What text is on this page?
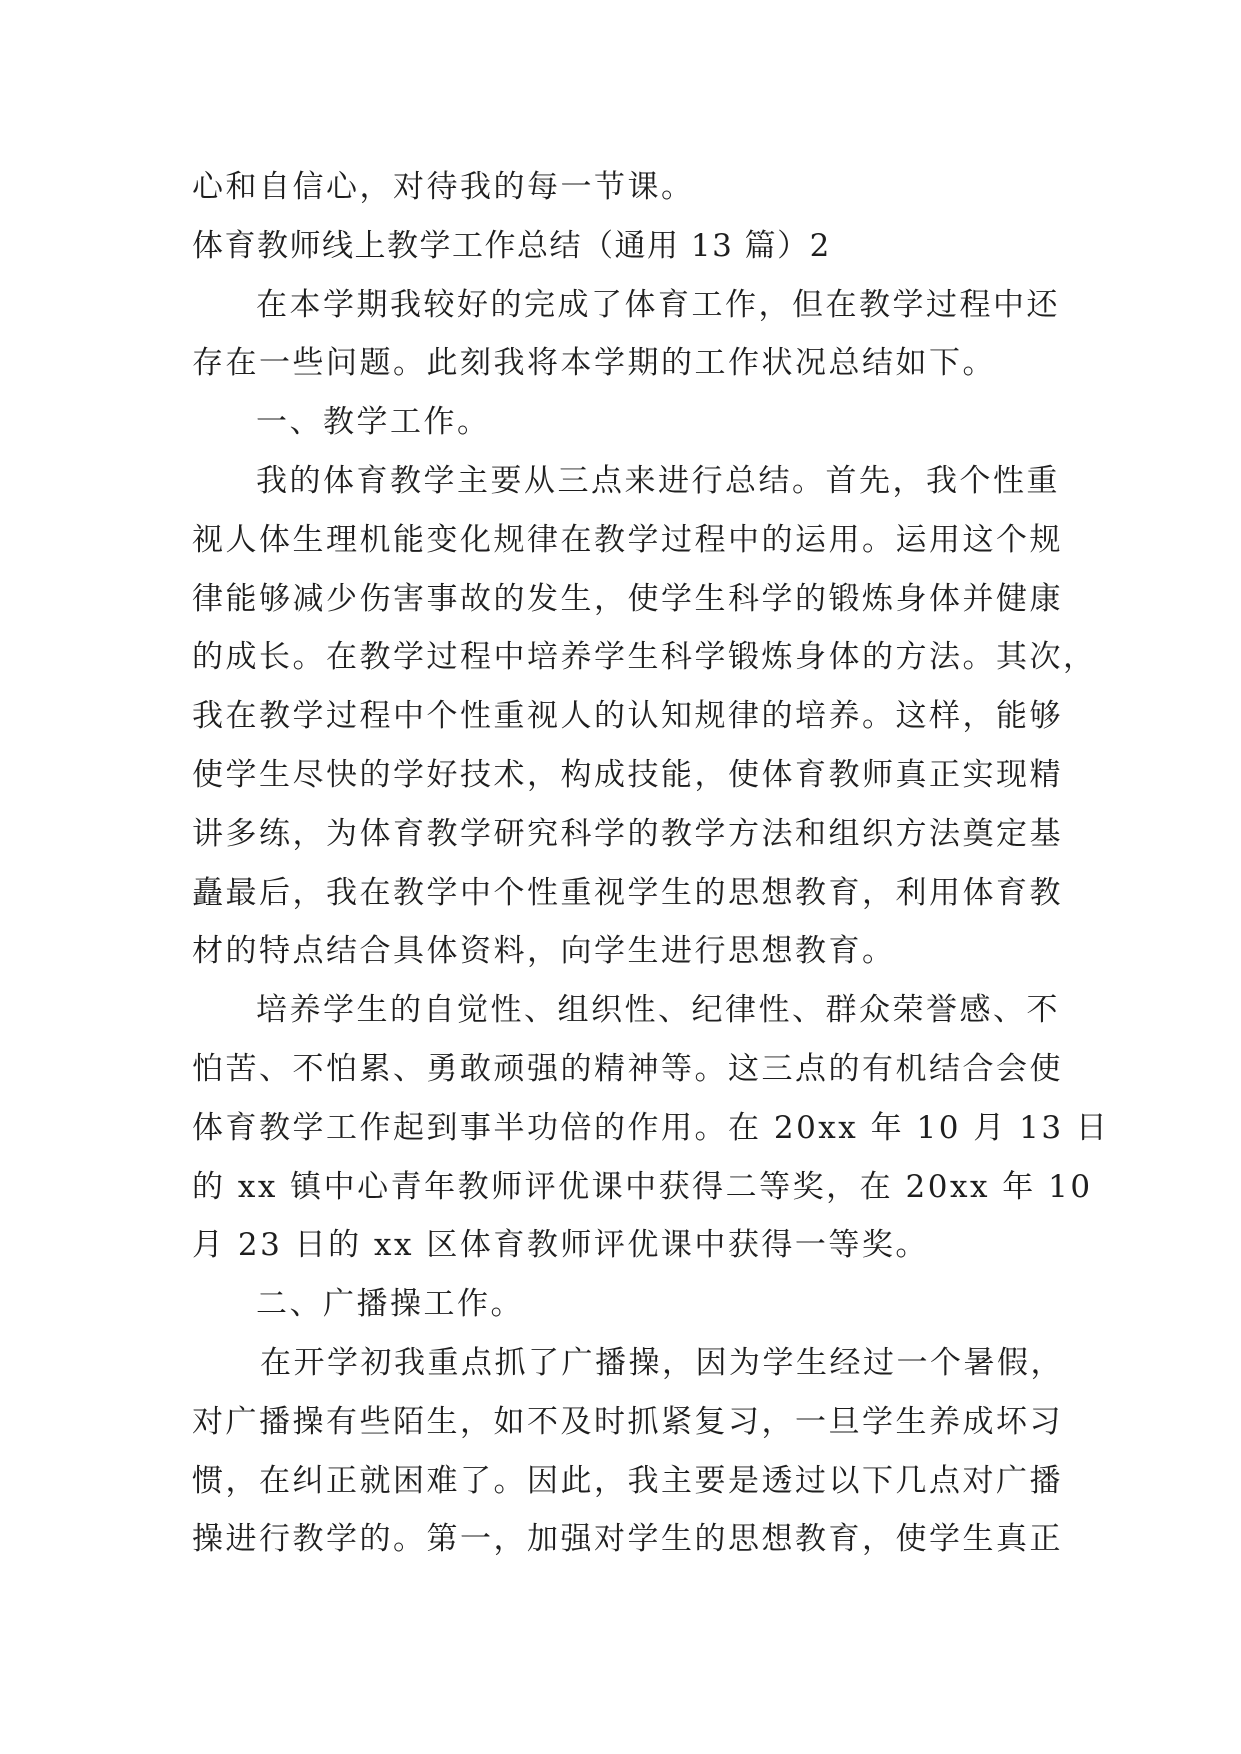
心和自信心，对待我的每一节课。
体育教师线上教学工作总结（通用 13 篇）2
在本学期我较好的完成了体育工作，但在教学过程中还
存在一些问题。此刻我将本学期的工作状况总结如下。
一、教学工作。
我的体育教学主要从三点来进行总结。首先，我个性重
视人体生理机能变化规律在教学过程中的运用。运用这个规
律能够减少伤害事故的发生，使学生科学的锻炼身体并健康
的成长。在教学过程中培养学生科学锻炼身体的方法。其次，
我在教学过程中个性重视人的认知规律的培养。这样，能够
使学生尽快的学好技术，构成技能，使体育教师真正实现精
讲多练，为体育教学研究科学的教学方法和组织方法奠定基
矗最后，我在教学中个性重视学生的思想教育，利用体育教
材的特点结合具体资料，向学生进行思想教育。
培养学生的自觉性、组织性、纪律性、群众荣誉感、不
怕苦、不怕累、勇敢顽强的精神等。这三点的有机结合会使
体育教学工作起到事半功倍的作用。在 20xx 年 10 月 13 日
的 xx 镇中心青年教师评优课中获得二等奖，在 20xx 年 10
月 23 日的 xx 区体育教师评优课中获得一等奖。
二、广播操工作。
在开学初我重点抓了广播操，因为学生经过一个暑假，
对广播操有些陌生，如不及时抓紧复习，一旦学生养成坏习
惯，在纠正就困难了。因此，我主要是透过以下几点对广播
操进行教学的。第一，加强对学生的思想教育，使学生真正
